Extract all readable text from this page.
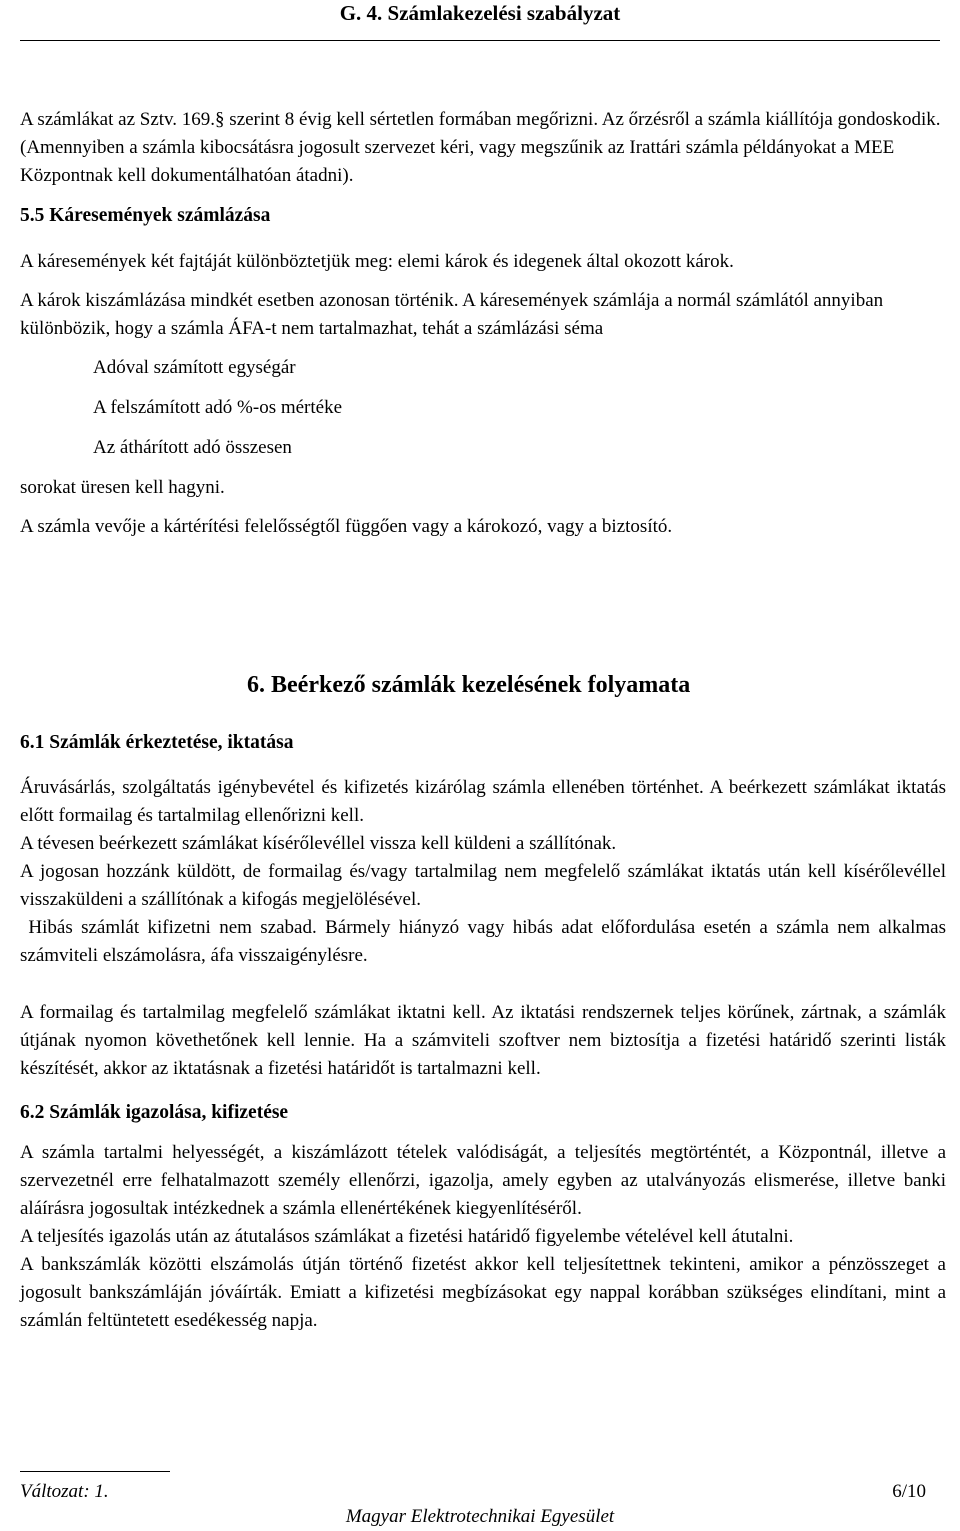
G. 4. Számlakezelési szabályzat

A számlákat az Sztv. 169.§ szerint 8 évig kell sértetlen formában megőrizni. Az őrzésről a számla kiállítója gondoskodik. (Amennyiben a számla kibocsátásra jogosult szervezet kéri, vagy megszűnik az Irattári számla példányokat a MEE Központnak kell dokumentálhatóan átadni).

5.5 Káresemények számlázása

A káresemények két fajtáját különböztetjük meg: elemi károk és idegenek által okozott károk.

A károk kiszámlázása mindkét esetben azonosan történik. A káresemények számlája a normál számlától annyiban különbözik, hogy a számla ÁFA-t nem tartalmazhat, tehát a számlázási séma

Adóval számított egységár

A felszámított adó %-os mértéke

Az áthárított adó összesen

sorokat üresen kell hagyni.

A számla vevője a kártérítési felelősségtől függően vagy a károkozó, vagy a biztosító.

6. Beérkező számlák kezelésének folyamata

6.1 Számlák érkeztetése, iktatása

Áruvásárlás, szolgáltatás igénybevétel és kifizetés kizárólag számla ellenében történhet. A beérkezett számlákat iktatás előtt formailag és tartalmilag ellenőrizni kell.

A tévesen beérkezett számlákat kísérőlevéllel vissza kell küldeni a szállítónak.

A jogosan hozzánk küldött, de formailag és/vagy tartalmilag nem megfelelő számlákat iktatás után kell kísérőlevéllel visszaküldeni a szállítónak a kifogás megjelölésével.

Hibás számlát kifizetni nem szabad. Bármely hiányzó vagy hibás adat előfordulása esetén a számla nem alkalmas számviteli elszámolásra, áfa visszaigénylésre.

A formailag és tartalmilag megfelelő számlákat iktatni kell. Az iktatási rendszernek teljes körűnek, zártnak, a számlák útjának nyomon követhetőnek kell lennie. Ha a számviteli szoftver nem biztosítja a fizetési határidő szerinti listák készítését, akkor az iktatásnak a fizetési határidőt is tartalmazni kell.

6.2 Számlák igazolása, kifizetése

A számla tartalmi helyességét, a kiszámlázott tételek valódiságát, a teljesítés megtörténtét, a Központnál, illetve a szervezetnél erre felhatalmazott személy ellenőrzi, igazolja, amely egyben az utalványozás elismerése, illetve banki aláírásra jogosultak intézkednek a számla ellenértékének kiegyenlítéséről.

A teljesítés igazolás után az átutalásos számlákat a fizetési határidő figyelembe vételével kell átutalni.

A bankszámlák közötti elszámolás útján történő fizetést akkor kell teljesítettnek tekinteni, amikor a pénzösszeget a jogosult bankszámláján jóváírták. Emiatt a kifizetési megbízásokat egy nappal korábban szükséges elindítani, mint a számlán feltüntetett esedékesség napja.

Változat: 1.	6/10
Magyar Elektrotechnikai Egyesület
